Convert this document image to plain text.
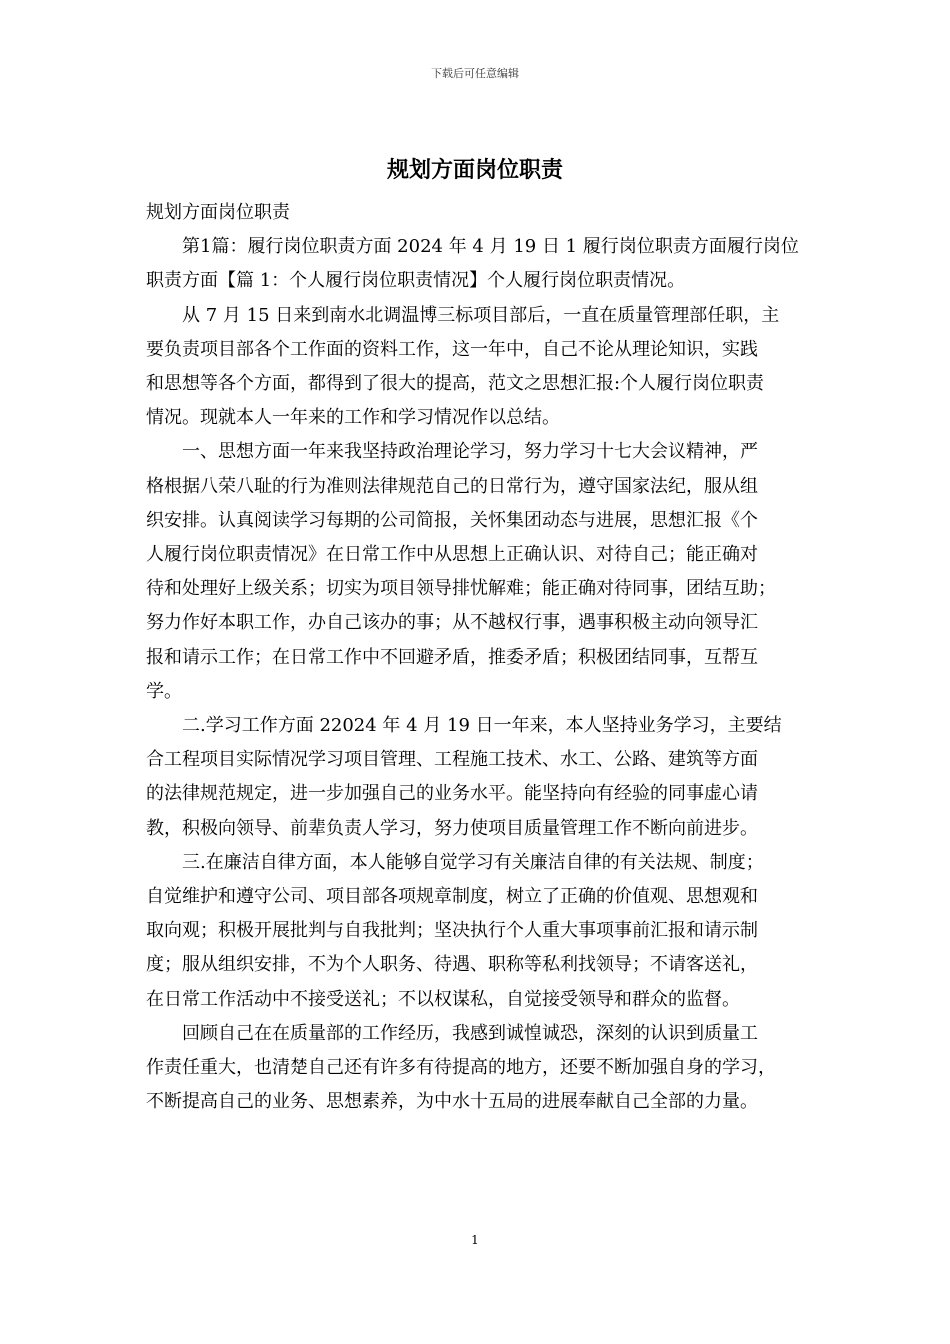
下载后可任意编辑
规划方面岗位职责

规划方面岗位职责

　　第1篇：履行岗位职责方面 2024 年 4 月 19 日 1 履行岗位职责方面履行岗位

职责方面【篇 1：个人履行岗位职责情况】个人履行岗位职责情况。

　　从 7 月 15 日来到南水北调温博三标项目部后，一直在质量管理部任职，主

要负责项目部各个工作面的资料工作，这一年中，自己不论从理论知识，实践

和思想等各个方面，都得到了很大的提高，范文之思想汇报:个人履行岗位职责

情况。现就本人一年来的工作和学习情况作以总结。

　　一、思想方面一年来我坚持政治理论学习，努力学习十七大会议精神，严

格根据八荣八耻的行为准则法律规范自己的日常行为，遵守国家法纪，服从组

织安排。认真阅读学习每期的公司简报，关怀集团动态与进展，思想汇报《个

人履行岗位职责情况》在日常工作中从思想上正确认识、对待自己；能正确对

待和处理好上级关系；切实为项目领导排忧解难；能正确对待同事，团结互助；

努力作好本职工作，办自己该办的事；从不越权行事，遇事积极主动向领导汇

报和请示工作；在日常工作中不回避矛盾，推委矛盾；积极团结同事，互帮互

学。

　　二.学习工作方面 22024 年 4 月 19 日一年来，本人坚持业务学习，主要结

合工程项目实际情况学习项目管理、工程施工技术、水工、公路、建筑等方面

的法律规范规定，进一步加强自己的业务水平。能坚持向有经验的同事虚心请

教，积极向领导、前辈负责人学习，努力使项目质量管理工作不断向前进步。

　　三.在廉洁自律方面，本人能够自觉学习有关廉洁自律的有关法规、制度；

自觉维护和遵守公司、项目部各项规章制度，树立了正确的价值观、思想观和

取向观；积极开展批判与自我批判；坚决执行个人重大事项事前汇报和请示制

度；服从组织安排，不为个人职务、待遇、职称等私利找领导；不请客送礼，

在日常工作活动中不接受送礼；不以权谋私，自觉接受领导和群众的监督。

　　回顾自己在在质量部的工作经历，我感到诚惶诚恐，深刻的认识到质量工

作责任重大，也清楚自己还有许多有待提高的地方，还要不断加强自身的学习，

不断提高自己的业务、思想素养，为中水十五局的进展奉献自己全部的力量。

1
